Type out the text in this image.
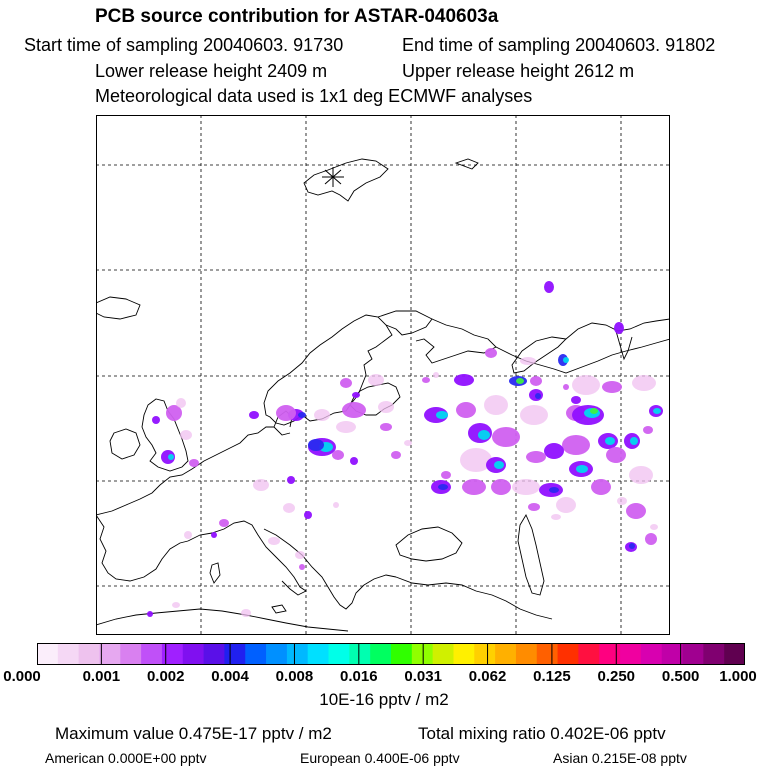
PCB source contribution for ASTAR-040603a
Start time of sampling 20040603. 91730	End time of sampling 20040603. 91802
Lower release height 2409 m	Upper release height 2612 m
Meteorological data used is 1x1 deg ECMWF analyses
0.000	0.001 0.002 0.004 0.008 0.016 0.031 0.062 0.125 0.250 0.500 1.000
10E-16 pptv / m2
Maximum value 0.475E-17 pptv / m2	Total mixing ratio 0.402E-06 pptv
American 0.000E+00 pptv	European 0.400E-06 pptv	Asian 0.215E-08 pptv
